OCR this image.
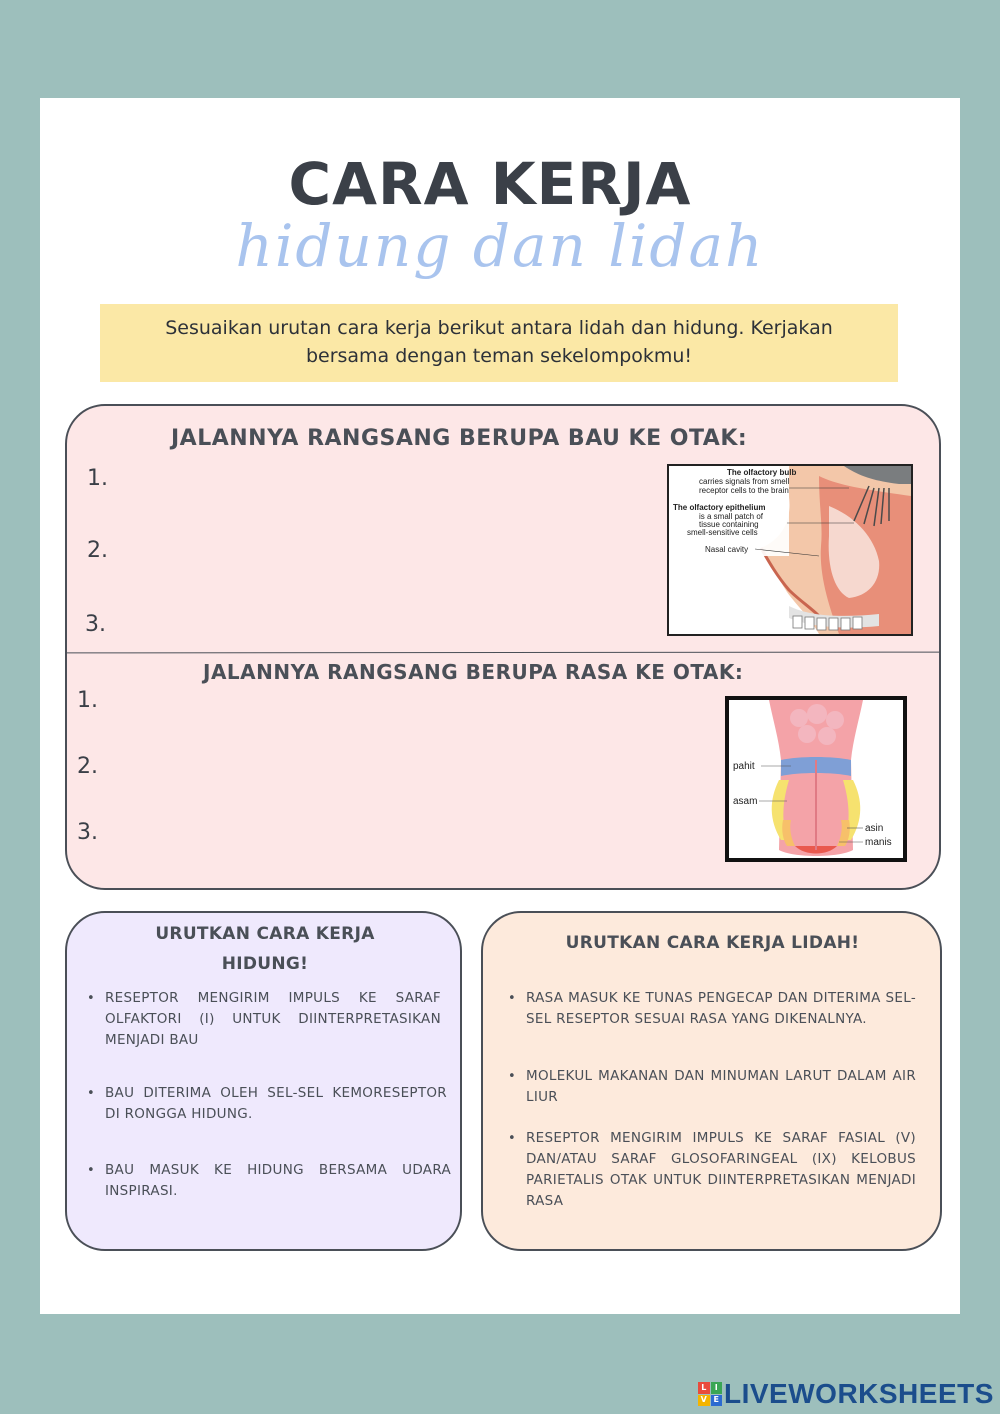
CARA KERJA
hidung dan lidah
Sesuaikan urutan cara kerja berikut antara lidah dan hidung. Kerjakan
bersama dengan teman sekelompokmu!
JALANNYA RANGSANG BERUPA BAU KE OTAK:
1.
2.
3.
The olfactory bulb
carries signals from smell
receptor cells to the brain
The olfactory epithelium
is a small patch of
tissue containing
smell-sensitive cells
Nasal cavity
JALANNYA RANGSANG BERUPA RASA KE OTAK:
1.
2.
3.
pahit
asam
asin
manis
URUTKAN CARA KERJA
HIDUNG!
• RESEPTOR MENGIRIM IMPULS KE SARAF OLFAKTORI (I) UNTUK DIINTERPRETASIKAN MENJADI BAU
• BAU DITERIMA OLEH SEL-SEL KEMORESEPTOR DI RONGGA HIDUNG.
• BAU MASUK KE HIDUNG BERSAMA UDARA INSPIRASI.
URUTKAN CARA KERJA LIDAH!
• RASA MASUK KE TUNAS PENGECAP DAN DITERIMA SEL-SEL RESEPTOR SESUAI RASA YANG DIKENALNYA.
• MOLEKUL MAKANAN DAN MINUMAN LARUT DALAM AIR LIUR
• RESEPTOR MENGIRIM IMPULS KE SARAF FASIAL (V) DAN/ATAU SARAF GLOSOFARINGEAL (IX) KELOBUS PARIETALIS OTAK UNTUK DIINTERPRETASIKAN MENJADI RASA
L	I
V E LIVEWORKSHEETS
